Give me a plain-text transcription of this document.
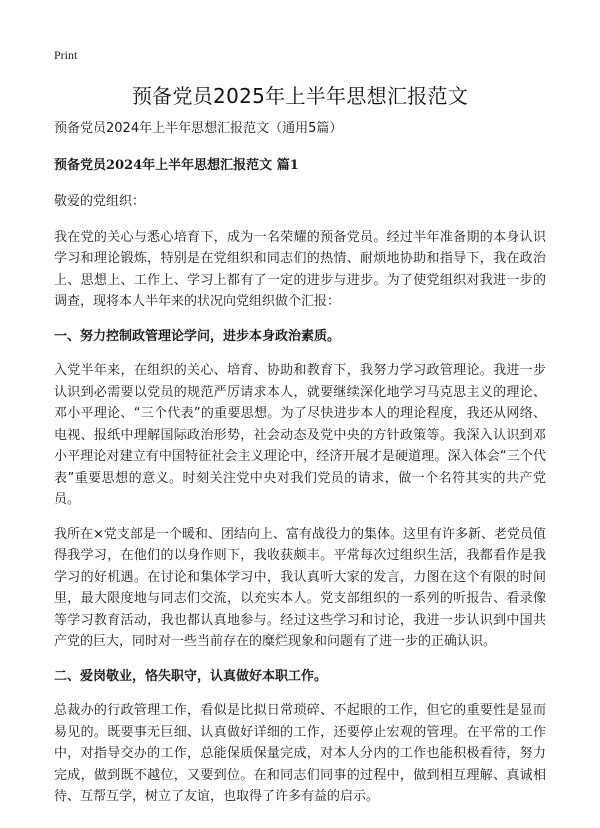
Print
预备党员2025年上半年思想汇报范文

预备党员2024年上半年思想汇报范文（通用5篇）

预备党员2024年上半年思想汇报范文 篇1

敬爱的党组织：

我在党的关心与悉心培育下，成为一名荣耀的预备党员。经过半年准备期的本身认识学习和理论锻炼，特别是在党组织和同志们的热情、耐烦地协助和指导下，我在政治上、思想上、工作上、学习上都有了一定的进步与进步。为了使党组织对我进一步的调查，现将本人半年来的状况向党组织做个汇报：

一、努力控制政管理论学问，进步本身政治素质。

入党半年来，在组织的关心、培育、协助和教育下，我努力学习政管理论。我进一步认识到必需要以党员的规范严厉请求本人，就要继续深化地学习马克思主义的理论、邓小平理论、“三个代表”的重要思想。为了尽快进步本人的理论程度，我还从网络、电视、报纸中理解国际政治形势，社会动态及党中央的方针政策等。我深入认识到邓小平理论对建立有中国特征社会主义理论中，经济开展才是硬道理。深入体会“三个代表”重要思想的意义。时刻关注党中央对我们党员的请求，做一个名符其实的共产党员。

我所在×党支部是一个暖和、团结向上、富有战役力的集体。这里有许多新、老党员值得我学习，在他们的以身作则下，我收获颇丰。平常每次过组织生活，我都看作是我学习的好机遇。在讨论和集体学习中，我认真听大家的发言，力图在这个有限的时间里，最大限度地与同志们交流，以充实本人。党支部组织的一系列的听报告、看录像等学习教育活动，我也都认真地参与。经过这些学习和讨论，我进一步认识到中国共产党的巨大，同时对一些当前存在的糜烂现象和问题有了进一步的正确认识。

二、爱岗敬业，恪失职守，认真做好本职工作。

总裁办的行政管理工作，看似是比拟日常琐碎、不起眼的工作，但它的重要性是显而易见的。既要事无巨细、认真做好详细的工作，还要停止宏观的管理。在平常的工作中，对指导交办的工作，总能保质保量完成，对本人分内的工作也能积极看待，努力完成，做到既不越位，又要到位。在和同志们同事的过程中，做到相互理解、真诚相待、互帮互学，树立了友谊，也取得了许多有益的启示。
